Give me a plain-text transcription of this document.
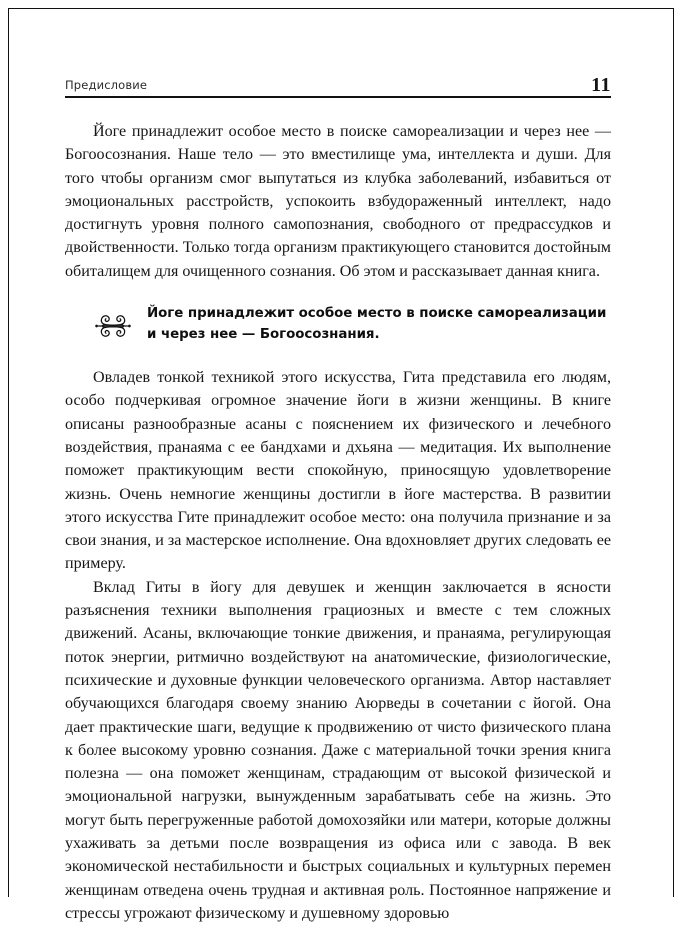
Предисловие	11

Йоге принадлежит особое место в поиске самореализации и через нее — Богоосознания. Наше тело — это вместилище ума, интеллекта и души. Для того чтобы организм смог выпутаться из клубка заболеваний, избавиться от эмоциональных расстройств, успокоить взбудораженный интеллект, надо достигнуть уровня полного самопознания, свободного от предрассудков и двойственности. Только тогда организм практикующего становится достойным обиталищем для очищенного сознания. Об этом и рассказывает данная книга.

Йоге принадлежит особое место в поиске самореализации и через нее — Богоосознания.

Овладев тонкой техникой этого искусства, Гита представила его людям, особо подчеркивая огромное значение йоги в жизни женщины. В книге описаны разнообразные асаны с пояснением их физического и лечебного воздействия, пранаяма с ее бандхами и дхьяна — медитация. Их выполнение поможет практикующим вести спокойную, приносящую удовлетворение жизнь. Очень немногие женщины достигли в йоге мастерства. В развитии этого искусства Гите принадлежит особое место: она получила признание и за свои знания, и за мастерское исполнение. Она вдохновляет других следовать ее примеру.

Вклад Гиты в йогу для девушек и женщин заключается в ясности разъяснения техники выполнения грациозных и вместе с тем сложных движений. Асаны, включающие тонкие движения, и пранаяма, регулирующая поток энергии, ритмично воздействуют на анатомические, физиологические, психические и духовные функции человеческого организма. Автор наставляет обучающихся благодаря своему знанию Аюрведы в сочетании с йогой. Она дает практические шаги, ведущие к продвижению от чисто физического плана к более высокому уровню сознания. Даже с материальной точки зрения книга полезна — она поможет женщинам, страдающим от высокой физической и эмоциональной нагрузки, вынужденным зарабатывать себе на жизнь. Это могут быть перегруженные работой домохозяйки или матери, которые должны ухаживать за детьми после возвращения из офиса или с завода. В век экономической нестабильности и быстрых социальных и культурных перемен женщинам отведена очень трудная и активная роль. Постоянное напряжение и стрессы угрожают физическому и душевному здоровью
